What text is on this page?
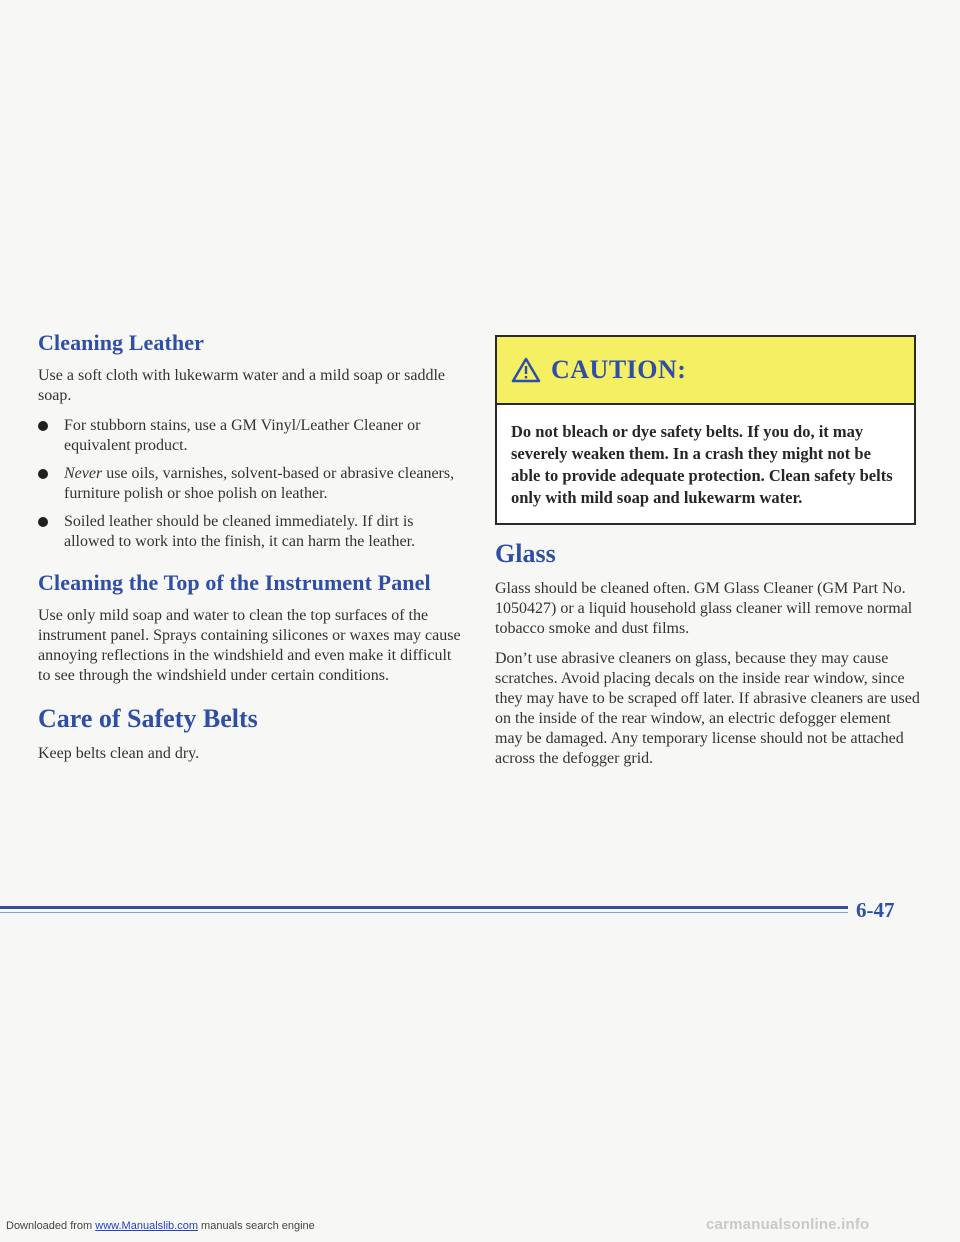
Cleaning Leather

Use a soft cloth with lukewarm water and a mild soap or saddle soap.

For stubborn stains, use a GM Vinyl/Leather Cleaner or equivalent product.
Never use oils, varnishes, solvent-based or abrasive cleaners, furniture polish or shoe polish on leather.
Soiled leather should be cleaned immediately. If dirt is allowed to work into the finish, it can harm the leather.
Cleaning the Top of the Instrument Panel

Use only mild soap and water to clean the top surfaces of the instrument panel. Sprays containing silicones or waxes may cause annoying reflections in the windshield and even make it difficult to see through the windshield under certain conditions.

Care of Safety Belts

Keep belts clean and dry.

CAUTION:
Do not bleach or dye safety belts. If you do, it may severely weaken them. In a crash they might not be able to provide adequate protection. Clean safety belts only with mild soap and lukewarm water.
Glass

Glass should be cleaned often. GM Glass Cleaner (GM Part No. 1050427) or a liquid household glass cleaner will remove normal tobacco smoke and dust films.

Don’t use abrasive cleaners on glass, because they may cause scratches. Avoid placing decals on the inside rear window, since they may have to be scraped off later. If abrasive cleaners are used on the inside of the rear window, an electric defogger element may be damaged. Any temporary license should not be attached across the defogger grid.

6-47
Downloaded from www.Manualslib.com manuals search engine	carmanualsonline.info
